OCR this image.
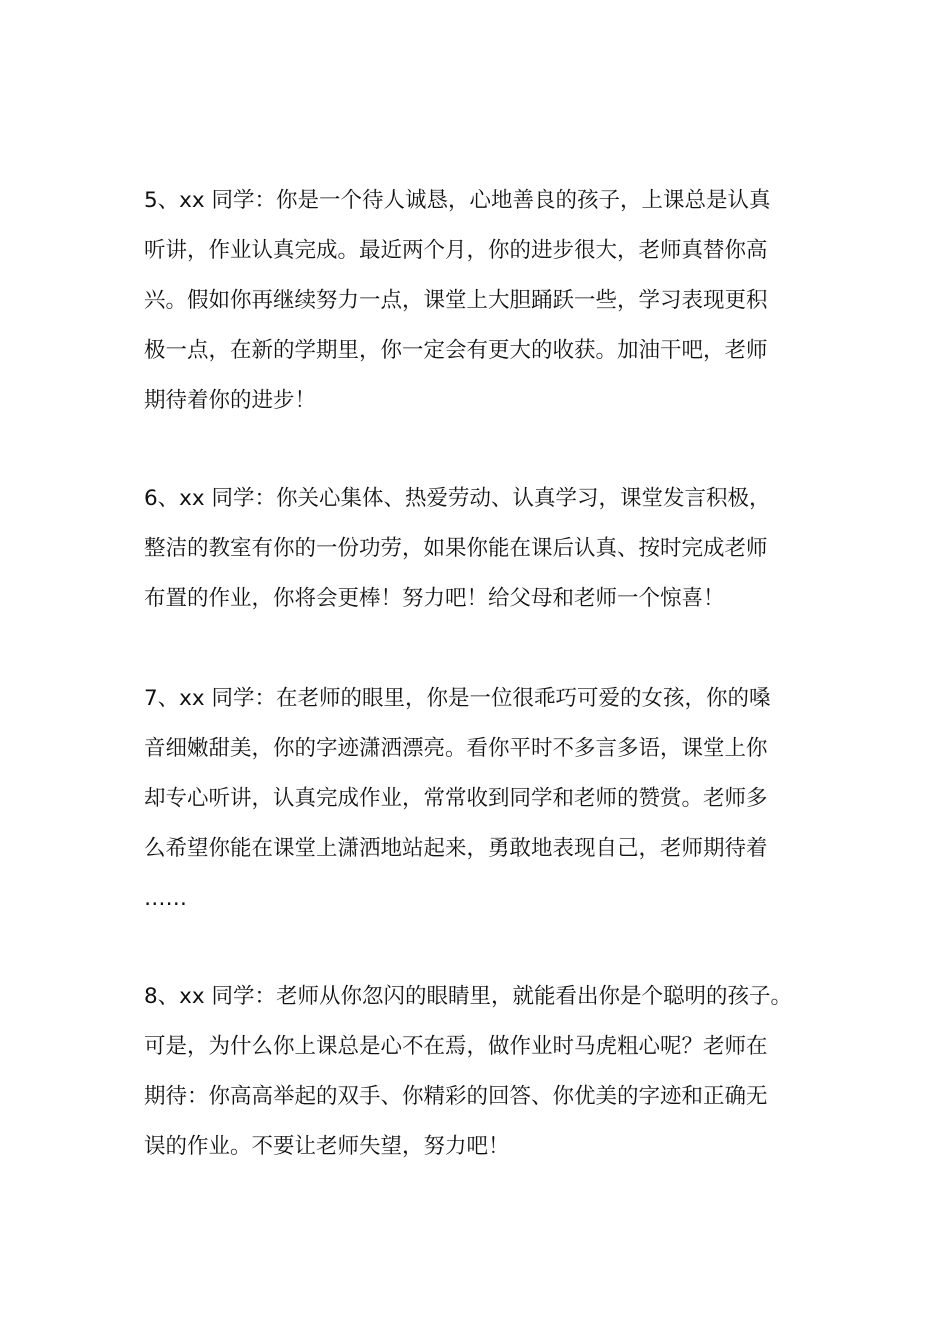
5、xx 同学：你是一个待人诚恳，心地善良的孩子，上课总是认真
听讲，作业认真完成。最近两个月，你的进步很大，老师真替你高
兴。假如你再继续努力一点，课堂上大胆踊跃一些，学习表现更积
极一点，在新的学期里，你一定会有更大的收获。加油干吧，老师
期待着你的进步！
6、xx 同学：你关心集体、热爱劳动、认真学习，课堂发言积极，
整洁的教室有你的一份功劳，如果你能在课后认真、按时完成老师
布置的作业，你将会更棒！努力吧！给父母和老师一个惊喜！
7、xx 同学：在老师的眼里，你是一位很乖巧可爱的女孩，你的嗓
音细嫩甜美，你的字迹潇洒漂亮。看你平时不多言多语，课堂上你
却专心听讲，认真完成作业，常常收到同学和老师的赞赏。老师多
么希望你能在课堂上潇洒地站起来，勇敢地表现自己，老师期待着
……
8、xx 同学：老师从你忽闪的眼睛里，就能看出你是个聪明的孩子。
可是，为什么你上课总是心不在焉，做作业时马虎粗心呢？老师在
期待：你高高举起的双手、你精彩的回答、你优美的字迹和正确无
误的作业。不要让老师失望，努力吧！
